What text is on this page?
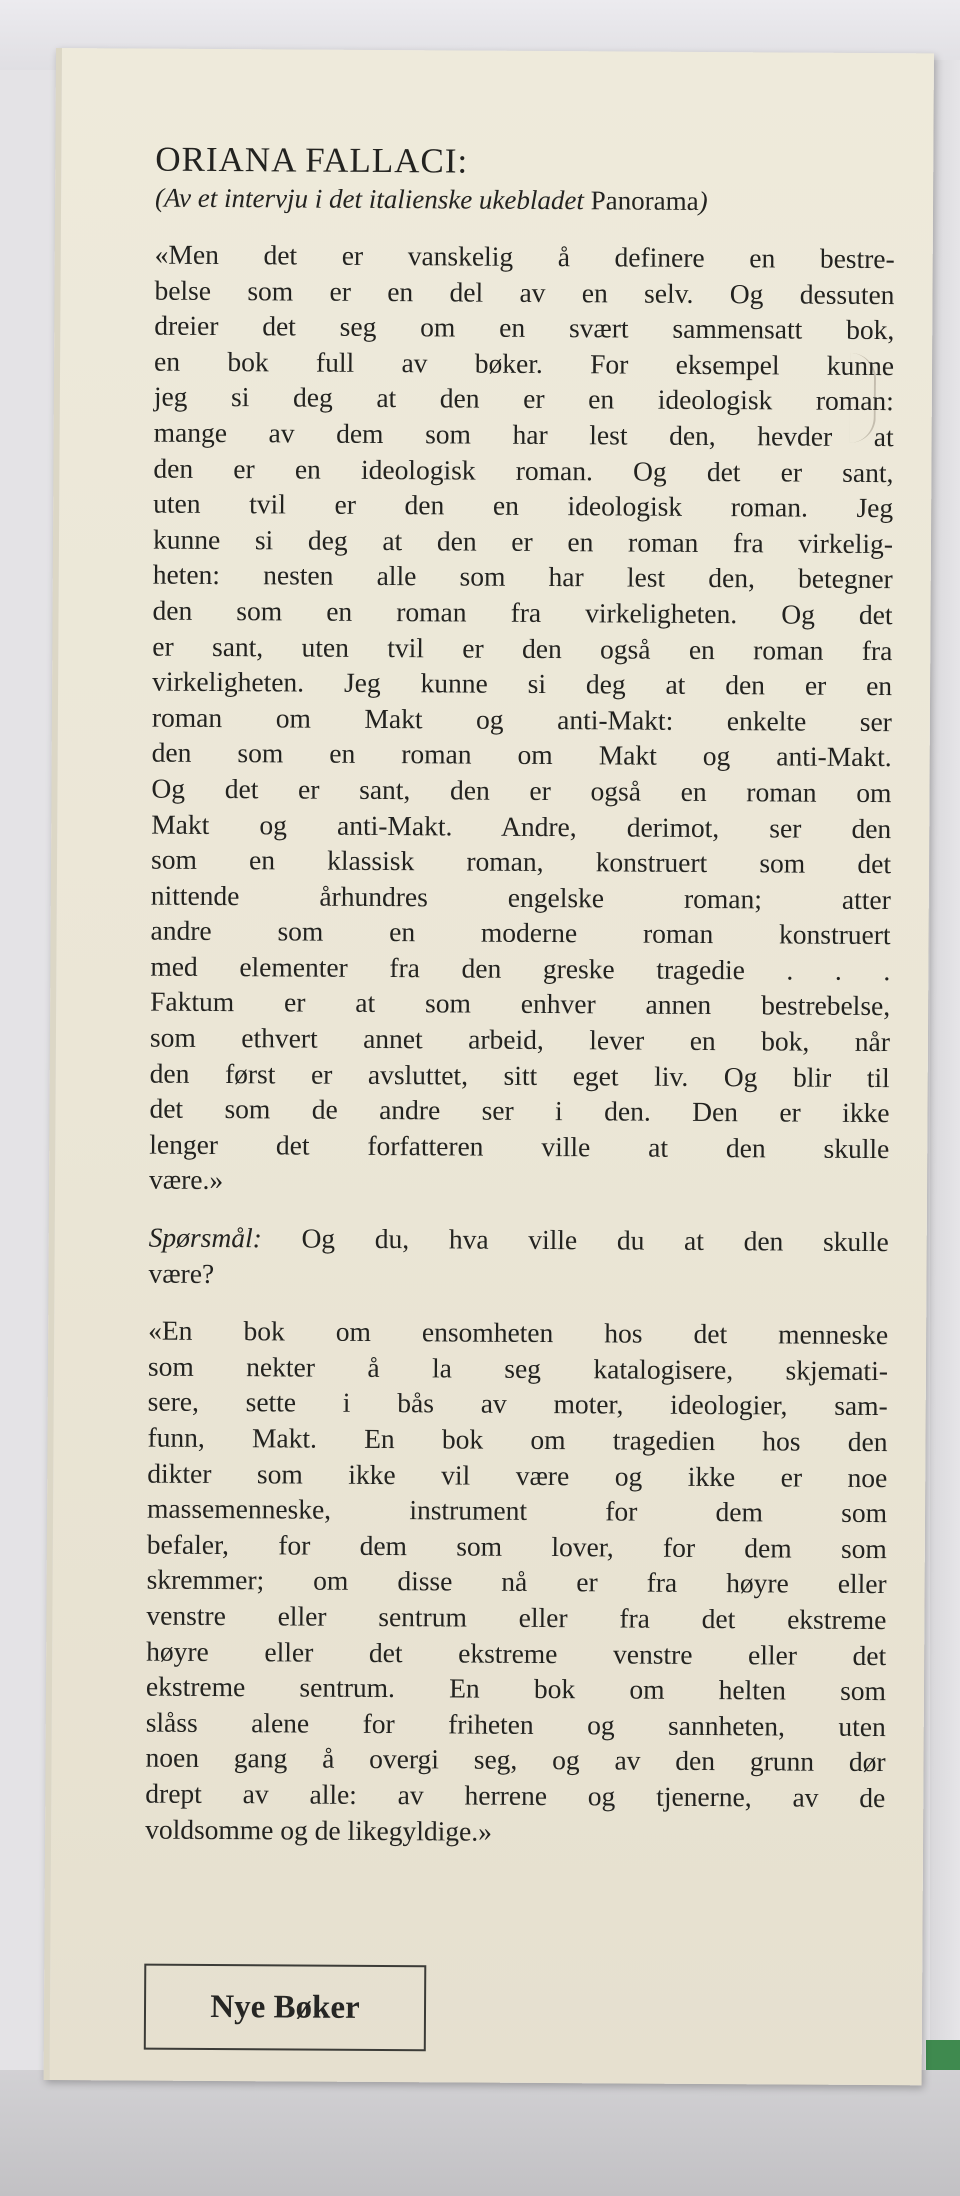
ORIANA FALLACI:

(Av et intervju i det italienske ukebladet Panorama)

«Men det er vanskelig å definere en bestre-
belse som er en del av en selv. Og dessuten
dreier det seg om en svært sammensatt bok,
en bok full av bøker. For eksempel kunne
jeg si deg at den er en ideologisk roman:
mange av dem som har lest den, hevder at
den er en ideologisk roman. Og det er sant,
uten tvil er den en ideologisk roman. Jeg
kunne si deg at den er en roman fra virkelig-
heten: nesten alle som har lest den, betegner
den som en roman fra virkeligheten. Og det
er sant, uten tvil er den også en roman fra
virkeligheten. Jeg kunne si deg at den er en
roman om Makt og anti-Makt: enkelte ser
den som en roman om Makt og anti-Makt.
Og det er sant, den er også en roman om
Makt og anti-Makt. Andre, derimot, ser den
som en klassisk roman, konstruert som det
nittende århundres engelske roman; atter
andre som en moderne roman konstruert
med elementer fra den greske tragedie . . .
Faktum er at som enhver annen bestrebelse,
som ethvert annet arbeid, lever en bok, når
den først er avsluttet, sitt eget liv. Og blir til
det som de andre ser i den. Den er ikke
lenger det forfatteren ville at den skulle
være.»

Spørsmål: Og du, hva ville du at den skulle
være?

«En bok om ensomheten hos det menneske
som nekter å la seg katalogisere, skjemati-
sere, sette i bås av moter, ideologier, sam-
funn, Makt. En bok om tragedien hos den
dikter som ikke vil være og ikke er noe
massemenneske, instrument for dem som
befaler, for dem som lover, for dem som
skremmer; om disse nå er fra høyre eller
venstre eller sentrum eller fra det ekstreme
høyre eller det ekstreme venstre eller det
ekstreme sentrum. En bok om helten som
slåss alene for friheten og sannheten, uten
noen gang å overgi seg, og av den grunn dør
drept av alle: av herrene og tjenerne, av de
voldsomme og de likegyldige.»

Nye Bøker
